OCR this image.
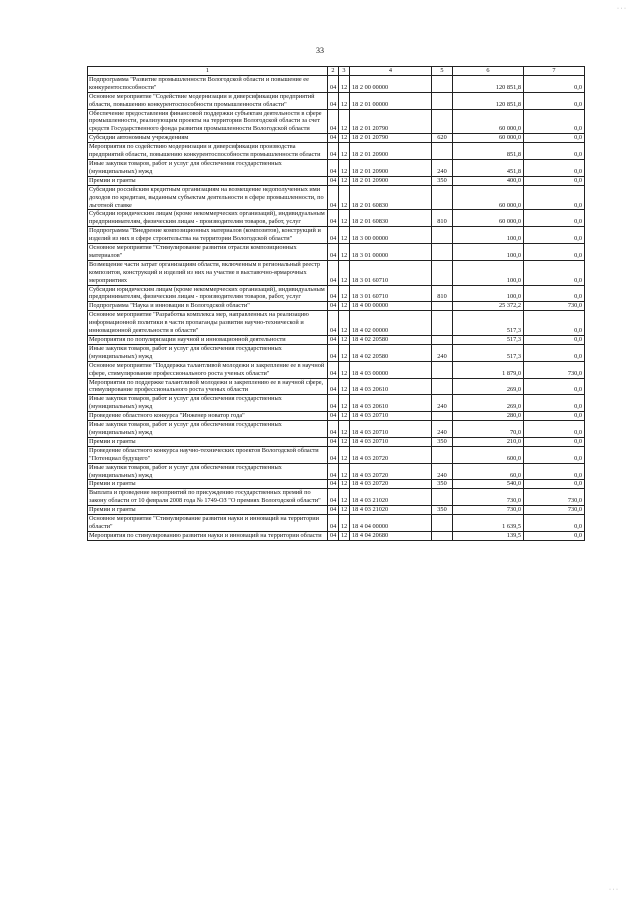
33
1	2	3	4	5	6	7
Подпрограмма "Развитие промышленности Вологодской области и повышение ее конкурентоспособности"	04	12	18 2 00 00000		120 851,8	0,0
Основное мероприятие "Содействие модернизации и диверсификации предприятий области, повышению конкурентоспособности промышленности области"	04	12	18 2 01 00000		120 851,8	0,0
Обеспечение предоставления финансовой поддержки субъектам деятельности в сфере промышленности, реализующим проекты на территории Вологодской области за счет средств Государственного фонда развития промышленности Вологодской области	04	12	18 2 01 20790		60 000,0	0,0
Субсидии автономным учреждениям	04	12	18 2 01 20790	620	60 000,0	0,0
Мероприятия по содействию модернизации и диверсификации производства предприятий области, повышению конкурентоспособности промышленности области	04	12	18 2 01 20900		851,8	0,0
Иные закупки товаров, работ и услуг для обеспечения государственных (муниципальных) нужд	04	12	18 2 01 20900	240	451,8	0,0
Премии и гранты	04	12	18 2 01 20900	350	400,0	0,0
Субсидии российским кредитным организациям на возмещение недополученных ими доходов по кредитам, выданным субъектам деятельности в сфере промышленности, по льготной ставке	04	12	18 2 01 60830		60 000,0	0,0
Субсидии юридическим лицам (кроме некоммерческих организаций), индивидуальным предпринимателям, физическим лицам - производителям товаров, работ, услуг	04	12	18 2 01 60830	810	60 000,0	0,0
Подпрограмма "Внедрение композиционных материалов (композитов), конструкций и изделий из них в сфере строительства на территории Вологодской области"	04	12	18 3 00 00000		100,0	0,0
Основное мероприятие "Стимулирование развития отрасли композиционных материалов"	04	12	18 3 01 00000		100,0	0,0
Возмещение части затрат организациям области, включенным в региональный реестр композитов, конструкций и изделий из них на участие в выставочно-ярмарочных мероприятиях	04	12	18 3 01 60710		100,0	0,0
Субсидии юридическим лицам (кроме некоммерческих организаций), индивидуальным предпринимателям, физическим лицам - производителям товаров, работ, услуг	04	12	18 3 01 60710	810	100,0	0,0
Подпрограмма "Наука и инновации в Вологодской области"	04	12	18 4 00 00000		25 372,2	730,0
Основное мероприятие "Разработка комплекса мер, направленных на реализацию информационной политики в части пропаганды развития научно-технической и инновационной деятельности в области"	04	12	18 4 02 00000		517,3	0,0
Мероприятия по популяризации научной и инновационной деятельности	04	12	18 4 02 20580		517,3	0,0
Иные закупки товаров, работ и услуг для обеспечения государственных (муниципальных) нужд	04	12	18 4 02 20580	240	517,3	0,0
Основное мероприятие "Поддержка талантливой молодежи и закрепление ее в научной сфере, стимулирование профессионального роста ученых области"	04	12	18 4 03 00000		1 879,0	730,0
Мероприятия по поддержке талантливой молодежи и закреплению ее в научной сфере, стимулирование профессионального роста ученых области	04	12	18 4 03 20610		269,0	0,0
Иные закупки товаров, работ и услуг для обеспечения государственных (муниципальных) нужд	04	12	18 4 03 20610	240	269,0	0,0
Проведение областного конкурса "Инженер новатор года"	04	12	18 4 03 20710		280,0	0,0
Иные закупки товаров, работ и услуг для обеспечения государственных (муниципальных) нужд	04	12	18 4 03 20710	240	70,0	0,0
Премии и гранты	04	12	18 4 03 20710	350	210,0	0,0
Проведение областного конкурса научно-технических проектов Вологодской области "Потенциал будущего"	04	12	18 4 03 20720		600,0	0,0
Иные закупки товаров, работ и услуг для обеспечения государственных (муниципальных) нужд	04	12	18 4 03 20720	240	60,0	0,0
Премии и гранты	04	12	18 4 03 20720	350	540,0	0,0
Выплата и проведение мероприятий по присуждению государственных премий по закону области от 10 февраля 2008 года № 1749-ОЗ "О премиях Вологодской области"	04	12	18 4 03 21020		730,0	730,0
Премии и гранты	04	12	18 4 03 21020	350	730,0	730,0
Основное мероприятие "Стимулирование развития науки и инноваций на территории области"	04	12	18 4 04 00000		1 639,5	0,0
Мероприятия по стимулированию развития науки и инноваций на территории области	04	12	18 4 04 20680		139,5	0,0
· · ·
· · ·
